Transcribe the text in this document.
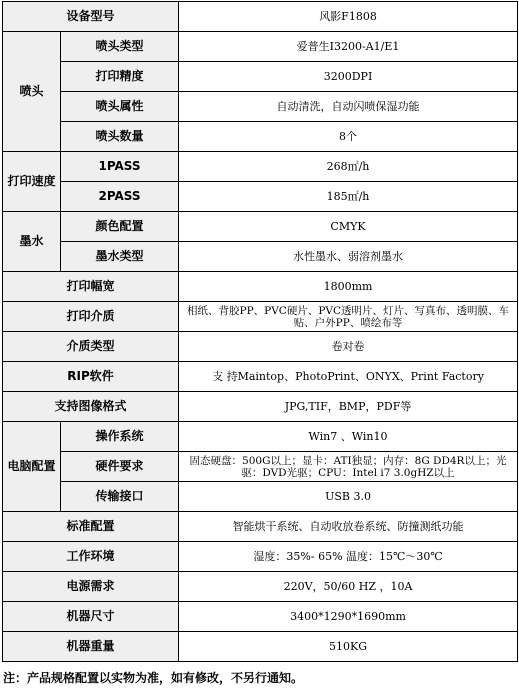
设备型号		风影F1808
喷头	喷头类型	爱普生I3200-A1/E1
	打印精度	3200DPI
	喷头属性	自动清洗，自动闪喷保湿功能
	喷头数量	8个
打印速度	1PASS	268㎡/h
	2PASS	185㎡/h
墨水	颜色配置	CMYK
	墨水类型	水性墨水、弱溶剂墨水
打印幅宽		1800mm
打印介质		相纸、背胶PP、PVC硬片、PVC透明片、灯片、写真布、透明膜、车贴、户外PP、喷绘布等
介质类型		卷对卷
RIP软件		支 持Maintop、PhotoPrint、ONYX、Print Factory
支持图像格式		JPG,TIF，BMP，PDF等
电脑配置	操作系统	Win7 、Win10
	硬件要求	固态硬盘：500G以上；显卡：ATI独显；内存：8G DD4R以上；光驱：DVD光驱；CPU：Intel i7 3.0gHZ以上
	传输接口	USB 3.0
标准配置		智能烘干系统、自动收放卷系统、防撞测纸功能
工作环境		湿度：35%- 65% 温度：15℃～30℃
电源需求		220V，50/60 HZ ，10A
机器尺寸		3400*1290*1690mm
机器重量		510KG
注：产品规格配置以实物为准，如有修改，不另行通知。
